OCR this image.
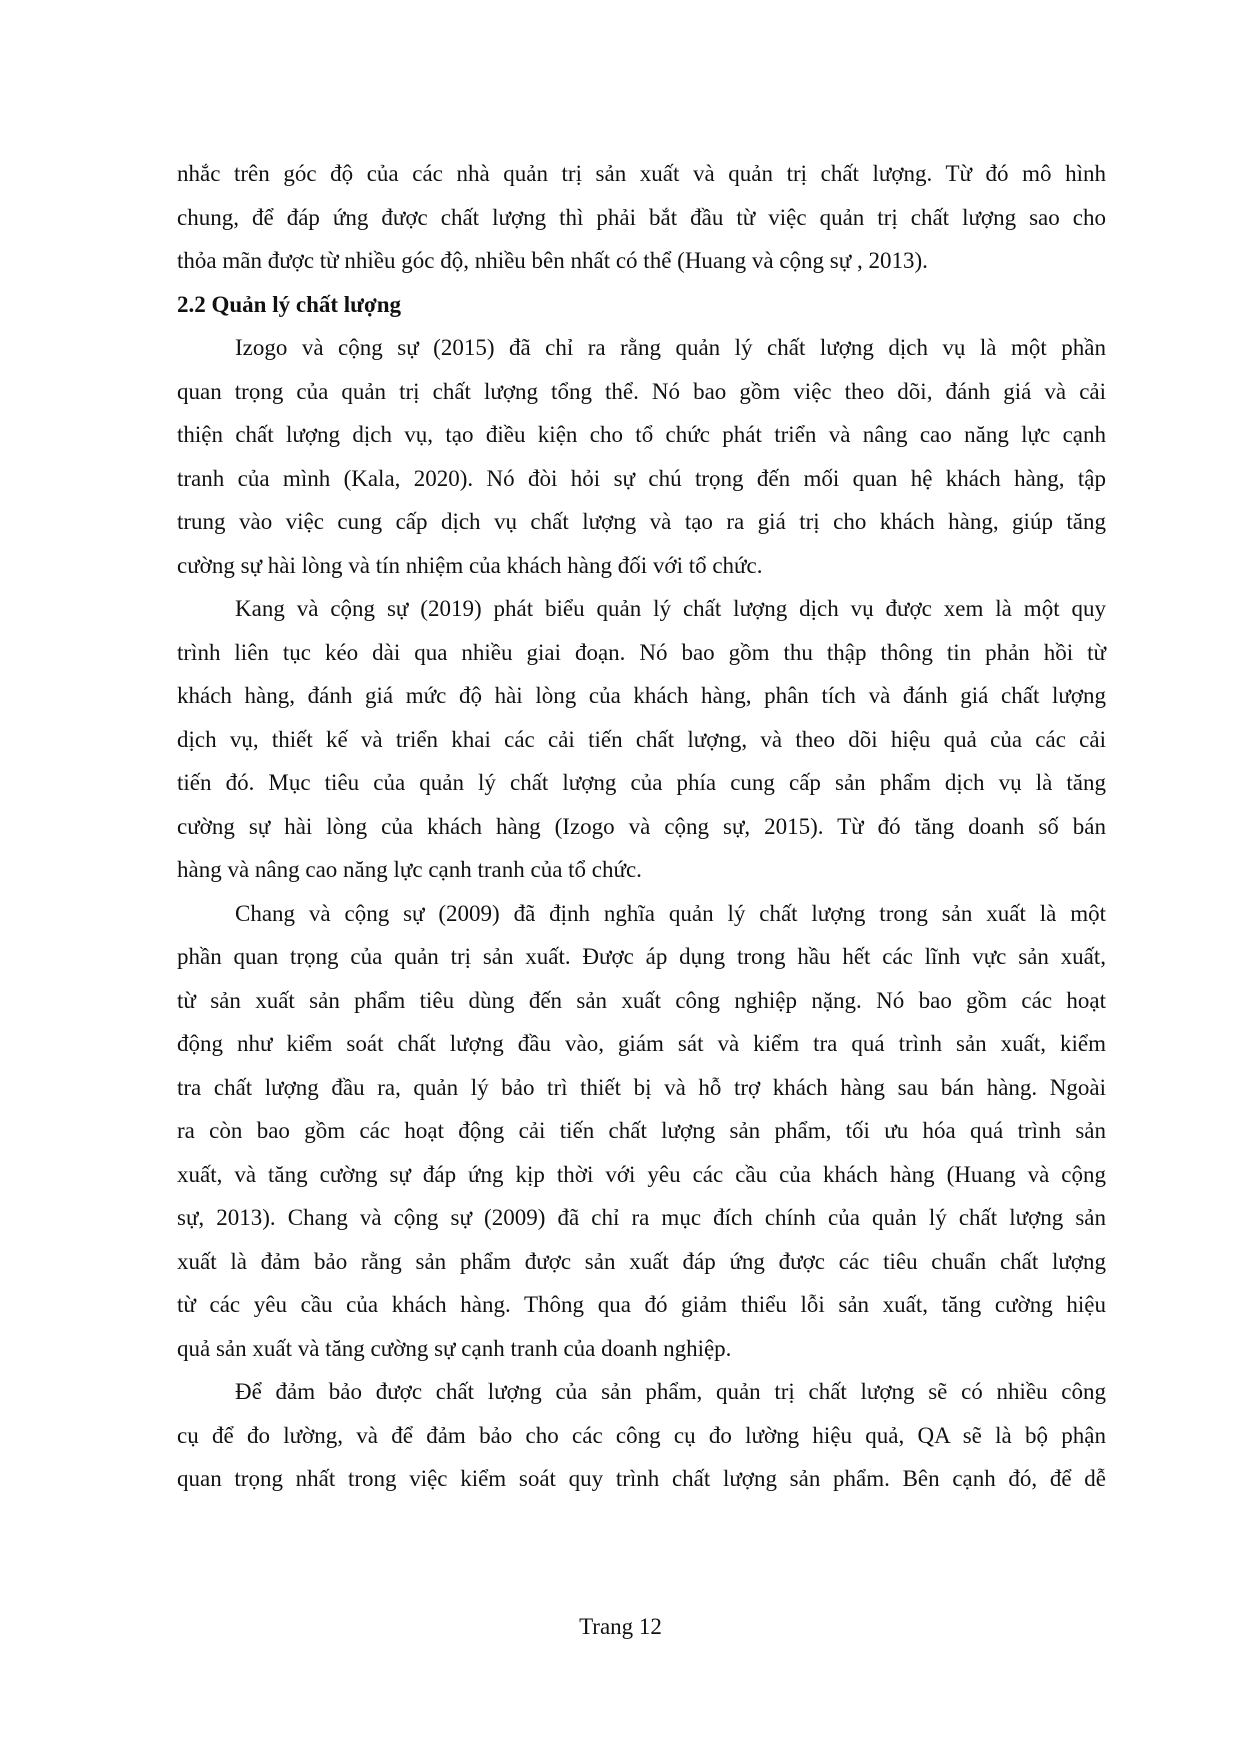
nhắc trên góc độ của các nhà quản trị sản xuất và quản trị chất lượng. Từ đó mô hình
chung, để đáp ứng được chất lượng thì phải bắt đầu từ việc quản trị chất lượng sao cho
thỏa mãn được từ nhiều góc độ, nhiều bên nhất có thể (Huang và cộng sự , 2013).
2.2 Quản lý chất lượng
Izogo và cộng sự (2015) đã chỉ ra rằng quản lý chất lượng dịch vụ là một phần
quan trọng của quản trị chất lượng tổng thể. Nó bao gồm việc theo dõi, đánh giá và cải
thiện chất lượng dịch vụ, tạo điều kiện cho tổ chức phát triển và nâng cao năng lực cạnh
tranh của mình (Kala, 2020). Nó đòi hỏi sự chú trọng đến mối quan hệ khách hàng, tập
trung vào việc cung cấp dịch vụ chất lượng và tạo ra giá trị cho khách hàng, giúp tăng
cường sự hài lòng và tín nhiệm của khách hàng đối với tổ chức.
Kang và cộng sự (2019) phát biểu quản lý chất lượng dịch vụ được xem là một quy
trình liên tục kéo dài qua nhiều giai đoạn. Nó bao gồm thu thập thông tin phản hồi từ
khách hàng, đánh giá mức độ hài lòng của khách hàng, phân tích và đánh giá chất lượng
dịch vụ, thiết kế và triển khai các cải tiến chất lượng, và theo dõi hiệu quả của các cải
tiến đó. Mục tiêu của quản lý chất lượng của phía cung cấp sản phẩm dịch vụ là tăng
cường sự hài lòng của khách hàng (Izogo và cộng sự, 2015). Từ đó tăng doanh số bán
hàng và nâng cao năng lực cạnh tranh của tổ chức.
Chang và cộng sự (2009) đã định nghĩa quản lý chất lượng trong sản xuất là một
phần quan trọng của quản trị sản xuất. Được áp dụng trong hầu hết các lĩnh vực sản xuất,
từ sản xuất sản phẩm tiêu dùng đến sản xuất công nghiệp nặng. Nó bao gồm các hoạt
động như kiểm soát chất lượng đầu vào, giám sát và kiểm tra quá trình sản xuất, kiểm
tra chất lượng đầu ra, quản lý bảo trì thiết bị và hỗ trợ khách hàng sau bán hàng. Ngoài
ra còn bao gồm các hoạt động cải tiến chất lượng sản phẩm, tối ưu hóa quá trình sản
xuất, và tăng cường sự đáp ứng kịp thời với yêu các cầu của khách hàng (Huang và cộng
sự, 2013). Chang và cộng sự (2009) đã chỉ ra mục đích chính của quản lý chất lượng sản
xuất là đảm bảo rằng sản phẩm được sản xuất đáp ứng được các tiêu chuẩn chất lượng
từ các yêu cầu của khách hàng. Thông qua đó giảm thiểu lỗi sản xuất, tăng cường hiệu
quả sản xuất và tăng cường sự cạnh tranh của doanh nghiệp.
Để đảm bảo được chất lượng của sản phẩm, quản trị chất lượng sẽ có nhiều công
cụ để đo lường, và để đảm bảo cho các công cụ đo lường hiệu quả, QA sẽ là bộ phận
quan trọng nhất trong việc kiểm soát quy trình chất lượng sản phẩm. Bên cạnh đó, để dễ
Trang 12
